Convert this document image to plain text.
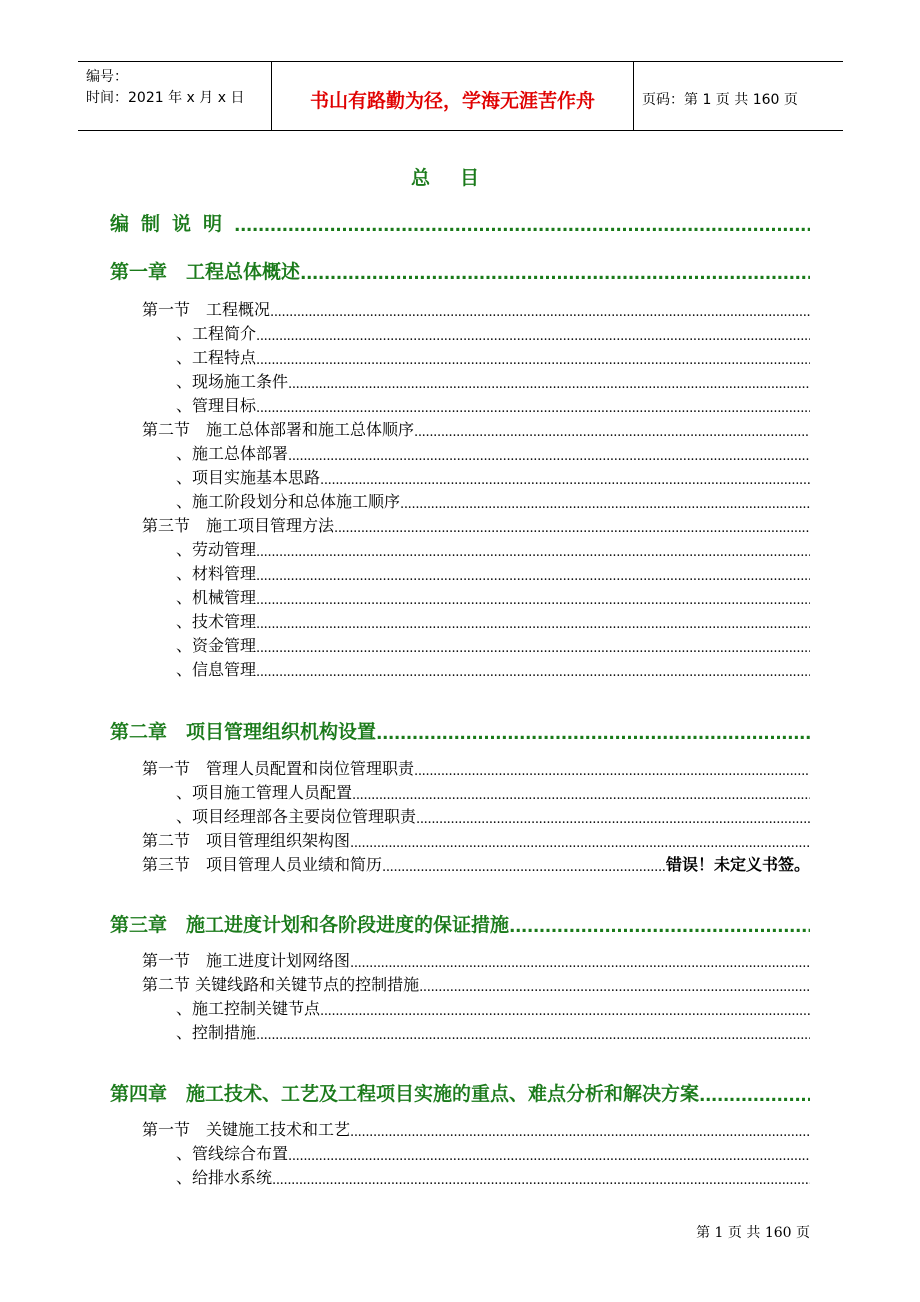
编号：
时间：2021 年 x 月 x 日	书山有路勤为径，学海无涯苦作舟	页码：第 1 页 共 160 页
总目
编制说明
.....
第一章　工程总体概述
.....
第一节　工程概况
.....
、工程简介
.....
、工程特点
.....
、现场施工条件
.....
、管理目标
.....
第二节　施工总体部署和施工总体顺序
.....
、施工总体部署
.....
、项目实施基本思路
.....
、施工阶段划分和总体施工顺序
.....
第三节　施工项目管理方法
.....
、劳动管理
.....
、材料管理
.....
、机械管理
.....
、技术管理
.....
、资金管理
.....
、信息管理
.....
第二章　项目管理组织机构设置
.....
第一节　管理人员配置和岗位管理职责
.....
、项目施工管理人员配置
.....
、项目经理部各主要岗位管理职责
.....
第二节　项目管理组织架构图
.....
第三节　项目管理人员业绩和简历
.....	错误！未定义书签。
第三章　施工进度计划和各阶段进度的保证措施
.....
第一节　施工进度计划网络图
.....
第二节 关键线路和关键节点的控制措施
.....
、施工控制关键节点
.....
、控制措施
.....
第四章　施工技术、工艺及工程项目实施的重点、难点分析和解决方案
.....
第一节　关键施工技术和工艺
.....
、管线综合布置
.....
、给排水系统
.....
第 1 页 共 160 页
